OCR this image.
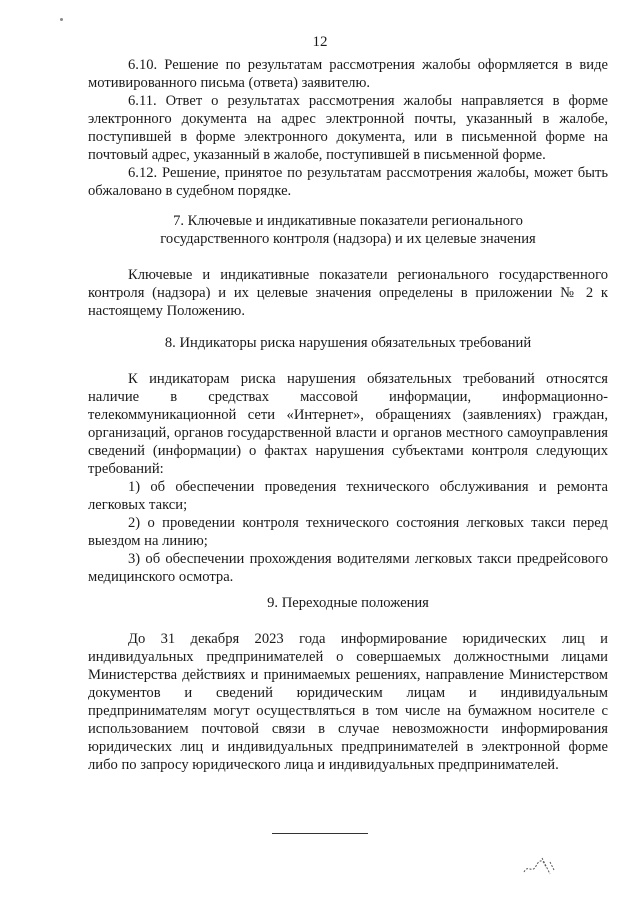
12

6.10. Решение по результатам рассмотрения жалобы оформляется в виде мотивированного письма (ответа) заявителю.

6.11. Ответ о результатах рассмотрения жалобы направляется в форме электронного документа на адрес электронной почты, указанный в жалобе, поступившей в форме электронного документа, или в письменной форме на почтовый адрес, указанный в жалобе, поступившей в письменной форме.

6.12. Решение, принятое по результатам рассмотрения жалобы, может быть обжаловано в судебном порядке.

7. Ключевые и индикативные показатели регионального
государственного контроля (надзора) и их целевые значения

Ключевые и индикативные показатели регионального государственного контроля (надзора) и их целевые значения определены в приложении № 2 к настоящему Положению.

8. Индикаторы риска нарушения обязательных требований

К индикаторам риска нарушения обязательных требований относятся наличие в средствах массовой информации, информационно-телекоммуникационной сети «Интернет», обращениях (заявлениях) граждан, организаций, органов государственной власти и органов местного самоуправления сведений (информации) о фактах нарушения субъектами контроля следующих требований:

1) об обеспечении проведения технического обслуживания и ремонта легковых такси;

2) о проведении контроля технического состояния легковых такси перед выездом на линию;

3) об обеспечении прохождения водителями легковых такси предрейсового медицинского осмотра.

9. Переходные положения

До 31 декабря 2023 года информирование юридических лиц и индивидуальных предпринимателей о совершаемых должностными лицами Министерства действиях и принимаемых решениях, направление Министерством документов и сведений юридическим лицам и индивидуальным предпринимателям могут осуществляться в том числе на бумажном носителе с использованием почтовой связи в случае невозможности информирования юридических лиц и индивидуальных предпринимателей в электронной форме либо по запросу юридического лица и индивидуальных предпринимателей.
